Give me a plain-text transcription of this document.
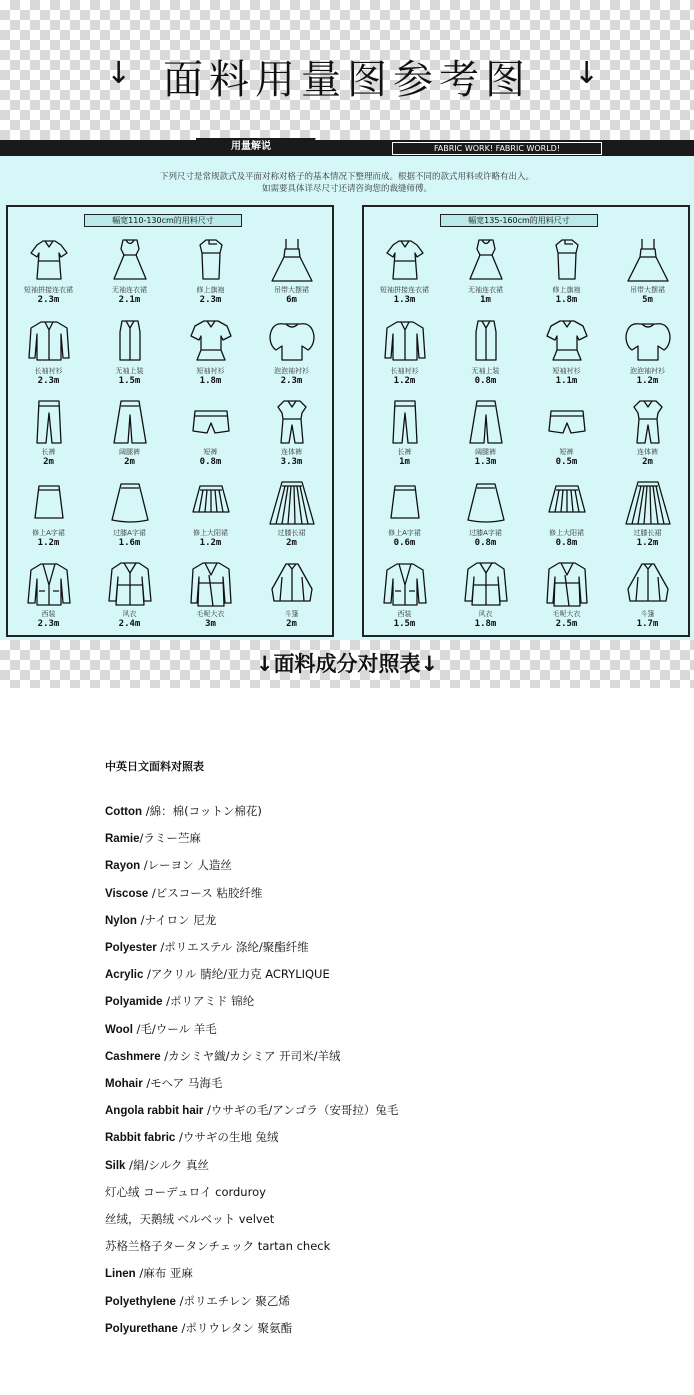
↓ 面料用量图参考图	↓
用量解说	FABRIC WORK! FABRIC WORLD!

下列尺寸是常规款式及平面对称对格子的基本情况下整理而成。根据不同的款式用料或许略有出入。

如需要具体详尽尺寸还请咨询您的裁缝师傅。

幅宽110-130cm的用料尺寸
短袖拼接连衣裙
2.3m
无袖连衣裙
2.1m
修上旗袍
2.3m
吊带大摆裙
6m
长袖衬衫
2.3m
无袖上装
1.5m
短袖衬衫
1.8m
泡泡袖衬衫
2.3m
长裤
2m
阔腿裤
2m
短裤
0.8m
连体裤
3.3m
修上A字裙
1.2m
过膝A字裙
1.6m
修上大阳裙
1.2m
过膝长裙
2m
西装
2.3m
风衣
2.4m
毛呢大衣
3m
斗篷
2m
幅宽135-160cm的用料尺寸
短袖拼接连衣裙
1.3m
无袖连衣裙
1m
修上旗袍
1.8m
吊带大摆裙
5m
长袖衬衫
1.2m
无袖上装
0.8m
短袖衬衫
1.1m
泡泡袖衬衫
1.2m
长裤
1m
阔腿裤
1.3m
短裤
0.5m
连体裤
2m
修上A字裙
0.6m
过膝A字裙
0.8m
修上大阳裙
0.8m
过膝长裙
1.2m
西装
1.5m
风衣
1.8m
毛呢大衣
2.5m
斗篷
1.7m
↓面料成分对照表↓
中英日文面料对照表
Cotton /綿：棉(コットン棉花)
Ramie/ラミー苎麻
Rayon /レーヨン 人造丝
Viscose /ビスコース 粘胶纤维
Nylon /ナイロン 尼龙
Polyester /ポリエステル 涤纶/聚酯纤维
Acrylic /アクリル 腈纶/亚力克 ACRYLIQUE
Polyamide /ポリアミド 锦纶
Wool /毛/ウール 羊毛
Cashmere /カシミヤ織/カシミア 开司米/羊绒
Mohair /モヘア 马海毛
Angola rabbit hair /ウサギの毛/アンゴラ（安哥拉）兔毛
Rabbit fabric /ウサギの生地 兔绒
Silk /絹/シルク 真丝
灯心绒 コーデュロイ corduroy
丝绒，天鹅绒 ベルベット velvet
苏格兰格子タータンチェック tartan check
Linen /麻布 亚麻
Polyethylene /ポリエチレン 聚乙烯
Polyurethane /ポリウレタン 聚氨酯
